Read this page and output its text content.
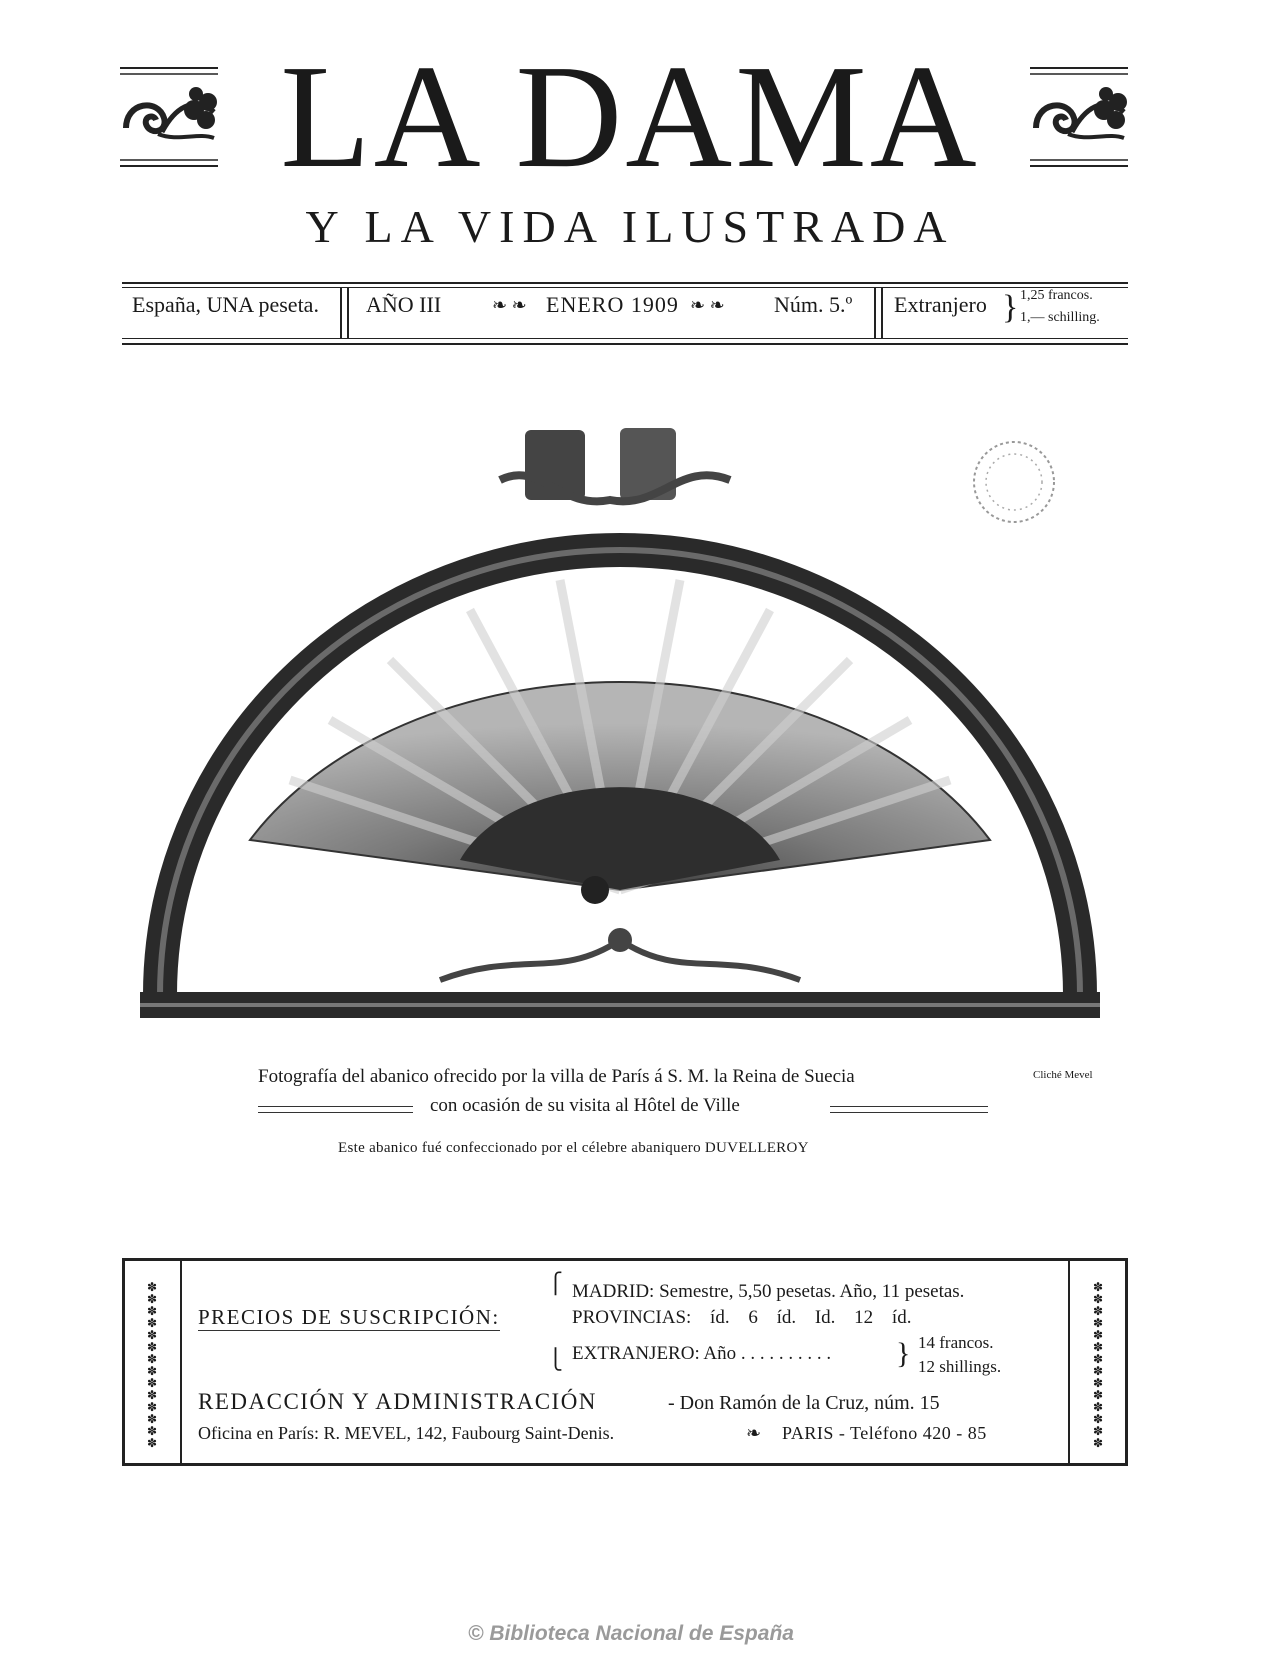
LA DAMA
Y LA VIDA ILUSTRADA
España, UNA peseta. AÑO III	❧ ❧ ENERO 1909 ❧ ❧ Núm. 5.º Extranjero } 1,25 francos.
1,— schilling.
Fotografía del abanico ofrecido por la villa de París á S. M. la Reina de Suecia	Cliché Mevel
con ocasión de su visita al Hôtel de Ville
Este abanico fué confeccionado por el célebre abaniquero DUVELLEROY
✽
✽
✽
✽
✽
✽
✽
✽
✽
✽
✽
✽
✽
✽
✽
✽
✽
✽
✽
✽
✽
✽
✽
✽
✽
✽
✽
✽
PRECIOS DE SUSCRIPCIÓN:
⎧
⎩
MADRID: Semestre, 5,50 pesetas. Año, 11 pesetas.
PROVINCIAS: íd. 6 íd. Id. 12 íd.
EXTRANJERO: Año . . . . . . . . . . } 14 francos.
12 shillings.
REDACCIÓN Y ADMINISTRACIÓN	- Don Ramón de la Cruz, núm. 15
Oficina en París: R. MEVEL, 142, Faubourg Saint-Denis.	❧ PARIS - Teléfono 420 - 85
© Biblioteca Nacional de España
